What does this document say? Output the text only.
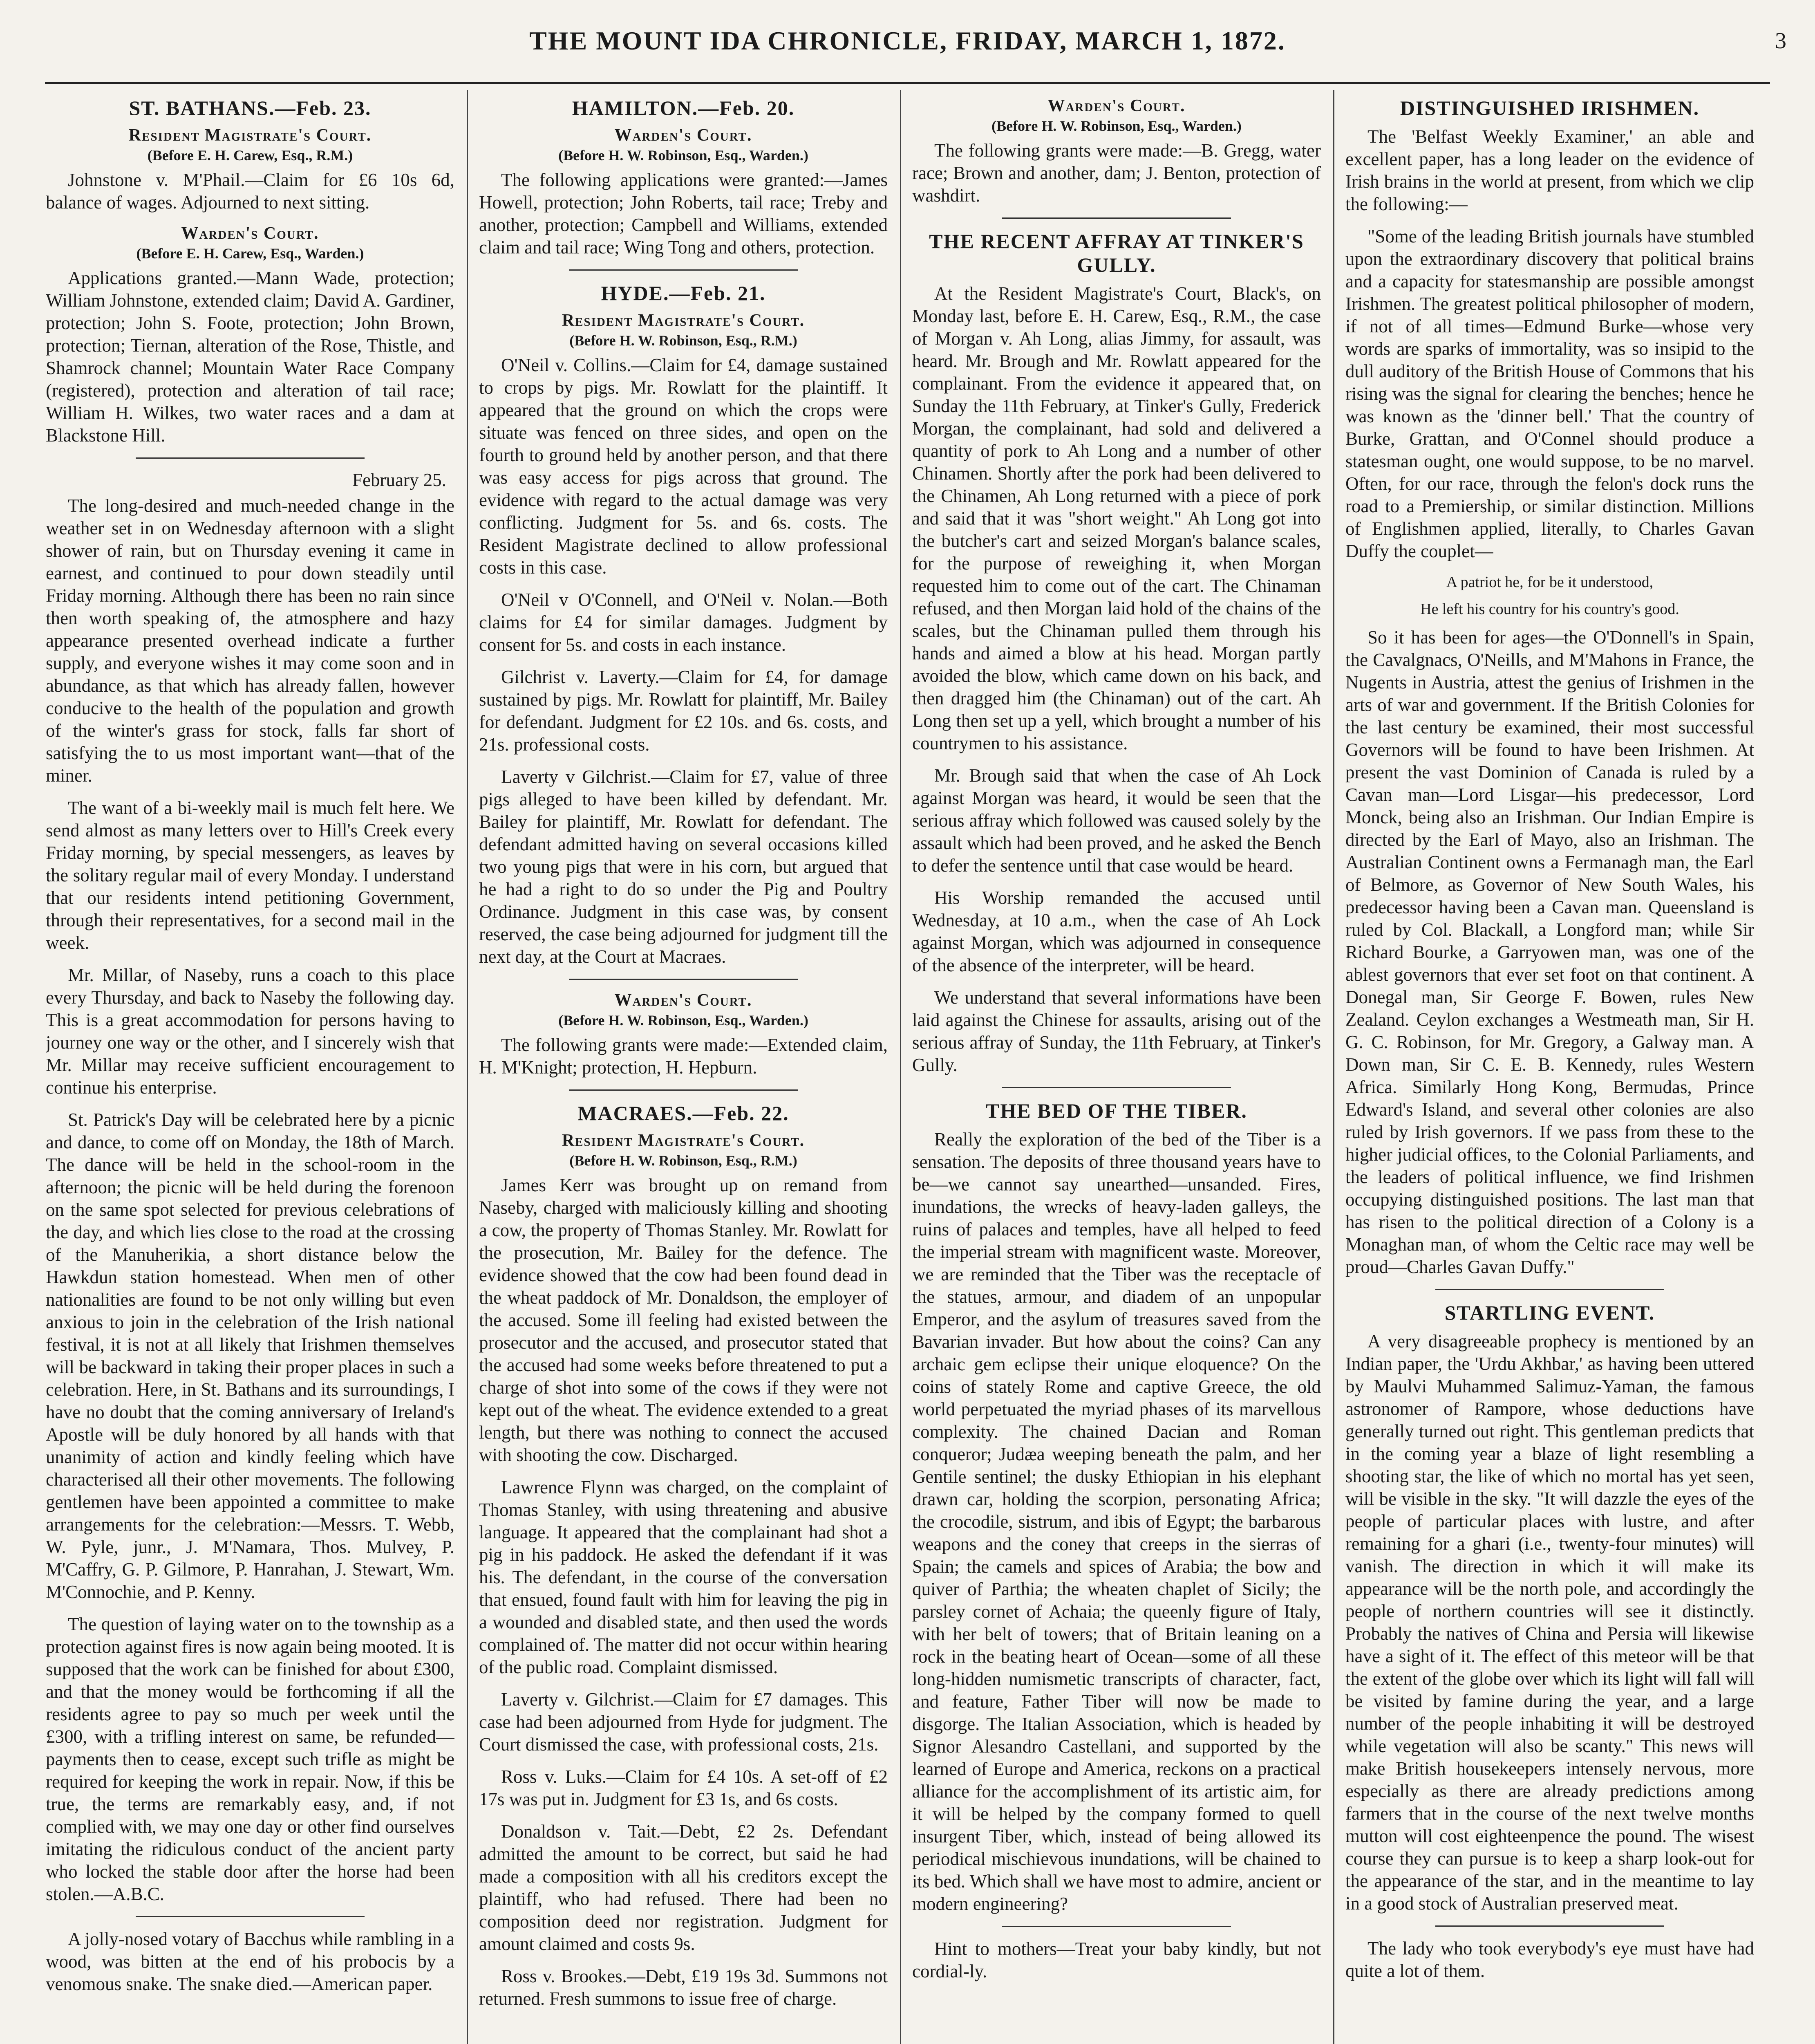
THE MOUNT IDA CHRONICLE, FRIDAY, MARCH 1, 1872.	3
ST. BATHANS.—Feb. 23.
Resident Magistrate's Court.
(Before E. H. Carew, Esq., R.M.)

Johnstone v. M'Phail.—Claim for £6 10s 6d, balance of wages. Adjourned to next sitting.

Warden's Court.
(Before E. H. Carew, Esq., Warden.)

Applications granted.—Mann Wade, protection; William Johnstone, extended claim; David A. Gardiner, protection; John S. Foote, protection; John Brown, protection; Tiernan, alteration of the Rose, Thistle, and Shamrock channel; Mountain Water Race Company (registered), protection and alteration of tail race; William H. Wilkes, two water races and a dam at Blackstone Hill.

February 25.

The long-desired and much-needed change in the weather set in on Wednesday afternoon with a slight shower of rain, but on Thursday evening it came in earnest, and continued to pour down steadily until Friday morning. Although there has been no rain since then worth speaking of, the atmosphere and hazy appearance presented overhead indicate a further supply, and everyone wishes it may come soon and in abundance, as that which has already fallen, however conducive to the health of the population and growth of the winter's grass for stock, falls far short of satisfying the to us most important want—that of the miner.

The want of a bi-weekly mail is much felt here. We send almost as many letters over to Hill's Creek every Friday morning, by special messengers, as leaves by the solitary regular mail of every Monday. I understand that our residents intend petitioning Government, through their representatives, for a second mail in the week.

Mr. Millar, of Naseby, runs a coach to this place every Thursday, and back to Naseby the following day. This is a great accommodation for persons having to journey one way or the other, and I sincerely wish that Mr. Millar may receive sufficient encouragement to continue his enterprise.

St. Patrick's Day will be celebrated here by a picnic and dance, to come off on Monday, the 18th of March. The dance will be held in the school-room in the afternoon; the picnic will be held during the forenoon on the same spot selected for previous celebrations of the day, and which lies close to the road at the crossing of the Manuherikia, a short distance below the Hawkdun station homestead. When men of other nationalities are found to be not only willing but even anxious to join in the celebration of the Irish national festival, it is not at all likely that Irishmen themselves will be backward in taking their proper places in such a celebration. Here, in St. Bathans and its surroundings, I have no doubt that the coming anniversary of Ireland's Apostle will be duly honored by all hands with that unanimity of action and kindly feeling which have characterised all their other movements. The following gentlemen have been appointed a committee to make arrangements for the celebration:—Messrs. T. Webb, W. Pyle, junr., J. M'Namara, Thos. Mulvey, P. M'Caffry, G. P. Gilmore, P. Hanrahan, J. Stewart, Wm. M'Connochie, and P. Kenny.

The question of laying water on to the township as a protection against fires is now again being mooted. It is supposed that the work can be finished for about £300, and that the money would be forthcoming if all the residents agree to pay so much per week until the £300, with a trifling interest on same, be refunded—payments then to cease, except such trifle as might be required for keeping the work in repair. Now, if this be true, the terms are remarkably easy, and, if not complied with, we may one day or other find ourselves imitating the ridiculous conduct of the ancient party who locked the stable door after the horse had been stolen.—A.B.C.

A jolly-nosed votary of Bacchus while rambling in a wood, was bitten at the end of his probocis by a venomous snake. The snake died.—American paper.

HAMILTON.—Feb. 20.
Warden's Court.
(Before H. W. Robinson, Esq., Warden.)

The following applications were granted:—James Howell, protection; John Roberts, tail race; Treby and another, protection; Campbell and Williams, extended claim and tail race; Wing Tong and others, protection.

HYDE.—Feb. 21.
Resident Magistrate's Court.
(Before H. W. Robinson, Esq., R.M.)

O'Neil v. Collins.—Claim for £4, damage sustained to crops by pigs. Mr. Rowlatt for the plaintiff. It appeared that the ground on which the crops were situate was fenced on three sides, and open on the fourth to ground held by another person, and that there was easy access for pigs across that ground. The evidence with regard to the actual damage was very conflicting. Judgment for 5s. and 6s. costs. The Resident Magistrate declined to allow professional costs in this case.

O'Neil v O'Connell, and O'Neil v. Nolan.—Both claims for £4 for similar damages. Judgment by consent for 5s. and costs in each instance.

Gilchrist v. Laverty.—Claim for £4, for damage sustained by pigs. Mr. Rowlatt for plaintiff, Mr. Bailey for defendant. Judgment for £2 10s. and 6s. costs, and 21s. professional costs.

Laverty v Gilchrist.—Claim for £7, value of three pigs alleged to have been killed by defendant. Mr. Bailey for plaintiff, Mr. Rowlatt for defendant. The defendant admitted having on several occasions killed two young pigs that were in his corn, but argued that he had a right to do so under the Pig and Poultry Ordinance. Judgment in this case was, by consent reserved, the case being adjourned for judgment till the next day, at the Court at Macraes.

Warden's Court.
(Before H. W. Robinson, Esq., Warden.)

The following grants were made:—Extended claim, H. M'Knight; protection, H. Hepburn.

MACRAES.—Feb. 22.
Resident Magistrate's Court.
(Before H. W. Robinson, Esq., R.M.)

James Kerr was brought up on remand from Naseby, charged with maliciously killing and shooting a cow, the property of Thomas Stanley. Mr. Rowlatt for the prosecution, Mr. Bailey for the defence. The evidence showed that the cow had been found dead in the wheat paddock of Mr. Donaldson, the employer of the accused. Some ill feeling had existed between the prosecutor and the accused, and prosecutor stated that the accused had some weeks before threatened to put a charge of shot into some of the cows if they were not kept out of the wheat. The evidence extended to a great length, but there was nothing to connect the accused with shooting the cow. Discharged.

Lawrence Flynn was charged, on the complaint of Thomas Stanley, with using threatening and abusive language. It appeared that the complainant had shot a pig in his paddock. He asked the defendant if it was his. The defendant, in the course of the conversation that ensued, found fault with him for leaving the pig in a wounded and disabled state, and then used the words complained of. The matter did not occur within hearing of the public road. Complaint dismissed.

Laverty v. Gilchrist.—Claim for £7 damages. This case had been adjourned from Hyde for judgment. The Court dismissed the case, with professional costs, 21s.

Ross v. Luks.—Claim for £4 10s. A set-off of £2 17s was put in. Judgment for £3 1s, and 6s costs.

Donaldson v. Tait.—Debt, £2 2s. Defendant admitted the amount to be correct, but said he had made a composition with all his creditors except the plaintiff, who had refused. There had been no composition deed nor registration. Judgment for amount claimed and costs 9s.

Ross v. Brookes.—Debt, £19 19s 3d. Summons not returned. Fresh summons to issue free of charge.

Warden's Court.
(Before H. W. Robinson, Esq., Warden.)

The following grants were made:—B. Gregg, water race; Brown and another, dam; J. Benton, protection of washdirt.

THE RECENT AFFRAY AT TINKER'S GULLY.

At the Resident Magistrate's Court, Black's, on Monday last, before E. H. Carew, Esq., R.M., the case of Morgan v. Ah Long, alias Jimmy, for assault, was heard. Mr. Brough and Mr. Rowlatt appeared for the complainant. From the evidence it appeared that, on Sunday the 11th February, at Tinker's Gully, Frederick Morgan, the complainant, had sold and delivered a quantity of pork to Ah Long and a number of other Chinamen. Shortly after the pork had been delivered to the Chinamen, Ah Long returned with a piece of pork and said that it was "short weight." Ah Long got into the butcher's cart and seized Morgan's balance scales, for the purpose of reweighing it, when Morgan requested him to come out of the cart. The Chinaman refused, and then Morgan laid hold of the chains of the scales, but the Chinaman pulled them through his hands and aimed a blow at his head. Morgan partly avoided the blow, which came down on his back, and then dragged him (the Chinaman) out of the cart. Ah Long then set up a yell, which brought a number of his countrymen to his assistance.

Mr. Brough said that when the case of Ah Lock against Morgan was heard, it would be seen that the serious affray which followed was caused solely by the assault which had been proved, and he asked the Bench to defer the sentence until that case would be heard.

His Worship remanded the accused until Wednesday, at 10 a.m., when the case of Ah Lock against Morgan, which was adjourned in consequence of the absence of the interpreter, will be heard.

We understand that several informations have been laid against the Chinese for assaults, arising out of the serious affray of Sunday, the 11th February, at Tinker's Gully.

THE BED OF THE TIBER.

Really the exploration of the bed of the Tiber is a sensation. The deposits of three thousand years have to be—we cannot say unearthed—unsanded. Fires, inundations, the wrecks of heavy-laden galleys, the ruins of palaces and temples, have all helped to feed the imperial stream with magnificent waste. Moreover, we are reminded that the Tiber was the receptacle of the statues, armour, and diadem of an unpopular Emperor, and the asylum of treasures saved from the Bavarian invader. But how about the coins? Can any archaic gem eclipse their unique eloquence? On the coins of stately Rome and captive Greece, the old world perpetuated the myriad phases of its marvellous complexity. The chained Dacian and Roman conqueror; Judæa weeping beneath the palm, and her Gentile sentinel; the dusky Ethiopian in his elephant drawn car, holding the scorpion, personating Africa; the crocodile, sistrum, and ibis of Egypt; the barbarous weapons and the coney that creeps in the sierras of Spain; the camels and spices of Arabia; the bow and quiver of Parthia; the wheaten chaplet of Sicily; the parsley cornet of Achaia; the queenly figure of Italy, with her belt of towers; that of Britain leaning on a rock in the beating heart of Ocean—some of all these long-hidden numismetic transcripts of character, fact, and feature, Father Tiber will now be made to disgorge. The Italian Association, which is headed by Signor Alesandro Castellani, and supported by the learned of Europe and America, reckons on a practical alliance for the accomplishment of its artistic aim, for it will be helped by the company formed to quell insurgent Tiber, which, instead of being allowed its periodical mischievous inundations, will be chained to its bed. Which shall we have most to admire, ancient or modern engineering?

Hint to mothers—Treat your baby kindly, but not cordial-ly.

DISTINGUISHED IRISHMEN.

The 'Belfast Weekly Examiner,' an able and excellent paper, has a long leader on the evidence of Irish brains in the world at present, from which we clip the following:—

"Some of the leading British journals have stumbled upon the extraordinary discovery that political brains and a capacity for statesmanship are possible amongst Irishmen. The greatest political philosopher of modern, if not of all times—Edmund Burke—whose very words are sparks of immortality, was so insipid to the dull auditory of the British House of Commons that his rising was the signal for clearing the benches; hence he was known as the 'dinner bell.' That the country of Burke, Grattan, and O'Connel should produce a statesman ought, one would suppose, to be no marvel. Often, for our race, through the felon's dock runs the road to a Premiership, or similar distinction. Millions of Englishmen applied, literally, to Charles Gavan Duffy the couplet—

A patriot he, for be it understood,
He left his country for his country's good.

So it has been for ages—the O'Donnell's in Spain, the Cavalgnacs, O'Neills, and M'Mahons in France, the Nugents in Austria, attest the genius of Irishmen in the arts of war and government. If the British Colonies for the last century be examined, their most successful Governors will be found to have been Irishmen. At present the vast Dominion of Canada is ruled by a Cavan man—Lord Lisgar—his predecessor, Lord Monck, being also an Irishman. Our Indian Empire is directed by the Earl of Mayo, also an Irishman. The Australian Continent owns a Fermanagh man, the Earl of Belmore, as Governor of New South Wales, his predecessor having been a Cavan man. Queensland is ruled by Col. Blackall, a Longford man; while Sir Richard Bourke, a Garryowen man, was one of the ablest governors that ever set foot on that continent. A Donegal man, Sir George F. Bowen, rules New Zealand. Ceylon exchanges a Westmeath man, Sir H. G. C. Robinson, for Mr. Gregory, a Galway man. A Down man, Sir C. E. B. Kennedy, rules Western Africa. Similarly Hong Kong, Bermudas, Prince Edward's Island, and several other colonies are also ruled by Irish governors. If we pass from these to the higher judicial offices, to the Colonial Parliaments, and the leaders of political influence, we find Irishmen occupying distinguished positions. The last man that has risen to the political direction of a Colony is a Monaghan man, of whom the Celtic race may well be proud—Charles Gavan Duffy."

STARTLING EVENT.

A very disagreeable prophecy is mentioned by an Indian paper, the 'Urdu Akhbar,' as having been uttered by Maulvi Muhammed Salimuz-Yaman, the famous astronomer of Rampore, whose deductions have generally turned out right. This gentleman predicts that in the coming year a blaze of light resembling a shooting star, the like of which no mortal has yet seen, will be visible in the sky. "It will dazzle the eyes of the people of particular places with lustre, and after remaining for a ghari (i.e., twenty-four minutes) will vanish. The direction in which it will make its appearance will be the north pole, and accordingly the people of northern countries will see it distinctly. Probably the natives of China and Persia will likewise have a sight of it. The effect of this meteor will be that the extent of the globe over which its light will fall will be visited by famine during the year, and a large number of the people inhabiting it will be destroyed while vegetation will also be scanty." This news will make British housekeepers intensely nervous, more especially as there are already predictions among farmers that in the course of the next twelve months mutton will cost eighteenpence the pound. The wisest course they can pursue is to keep a sharp look-out for the appearance of the star, and in the meantime to lay in a good stock of Australian preserved meat.

The lady who took everybody's eye must have had quite a lot of them.
